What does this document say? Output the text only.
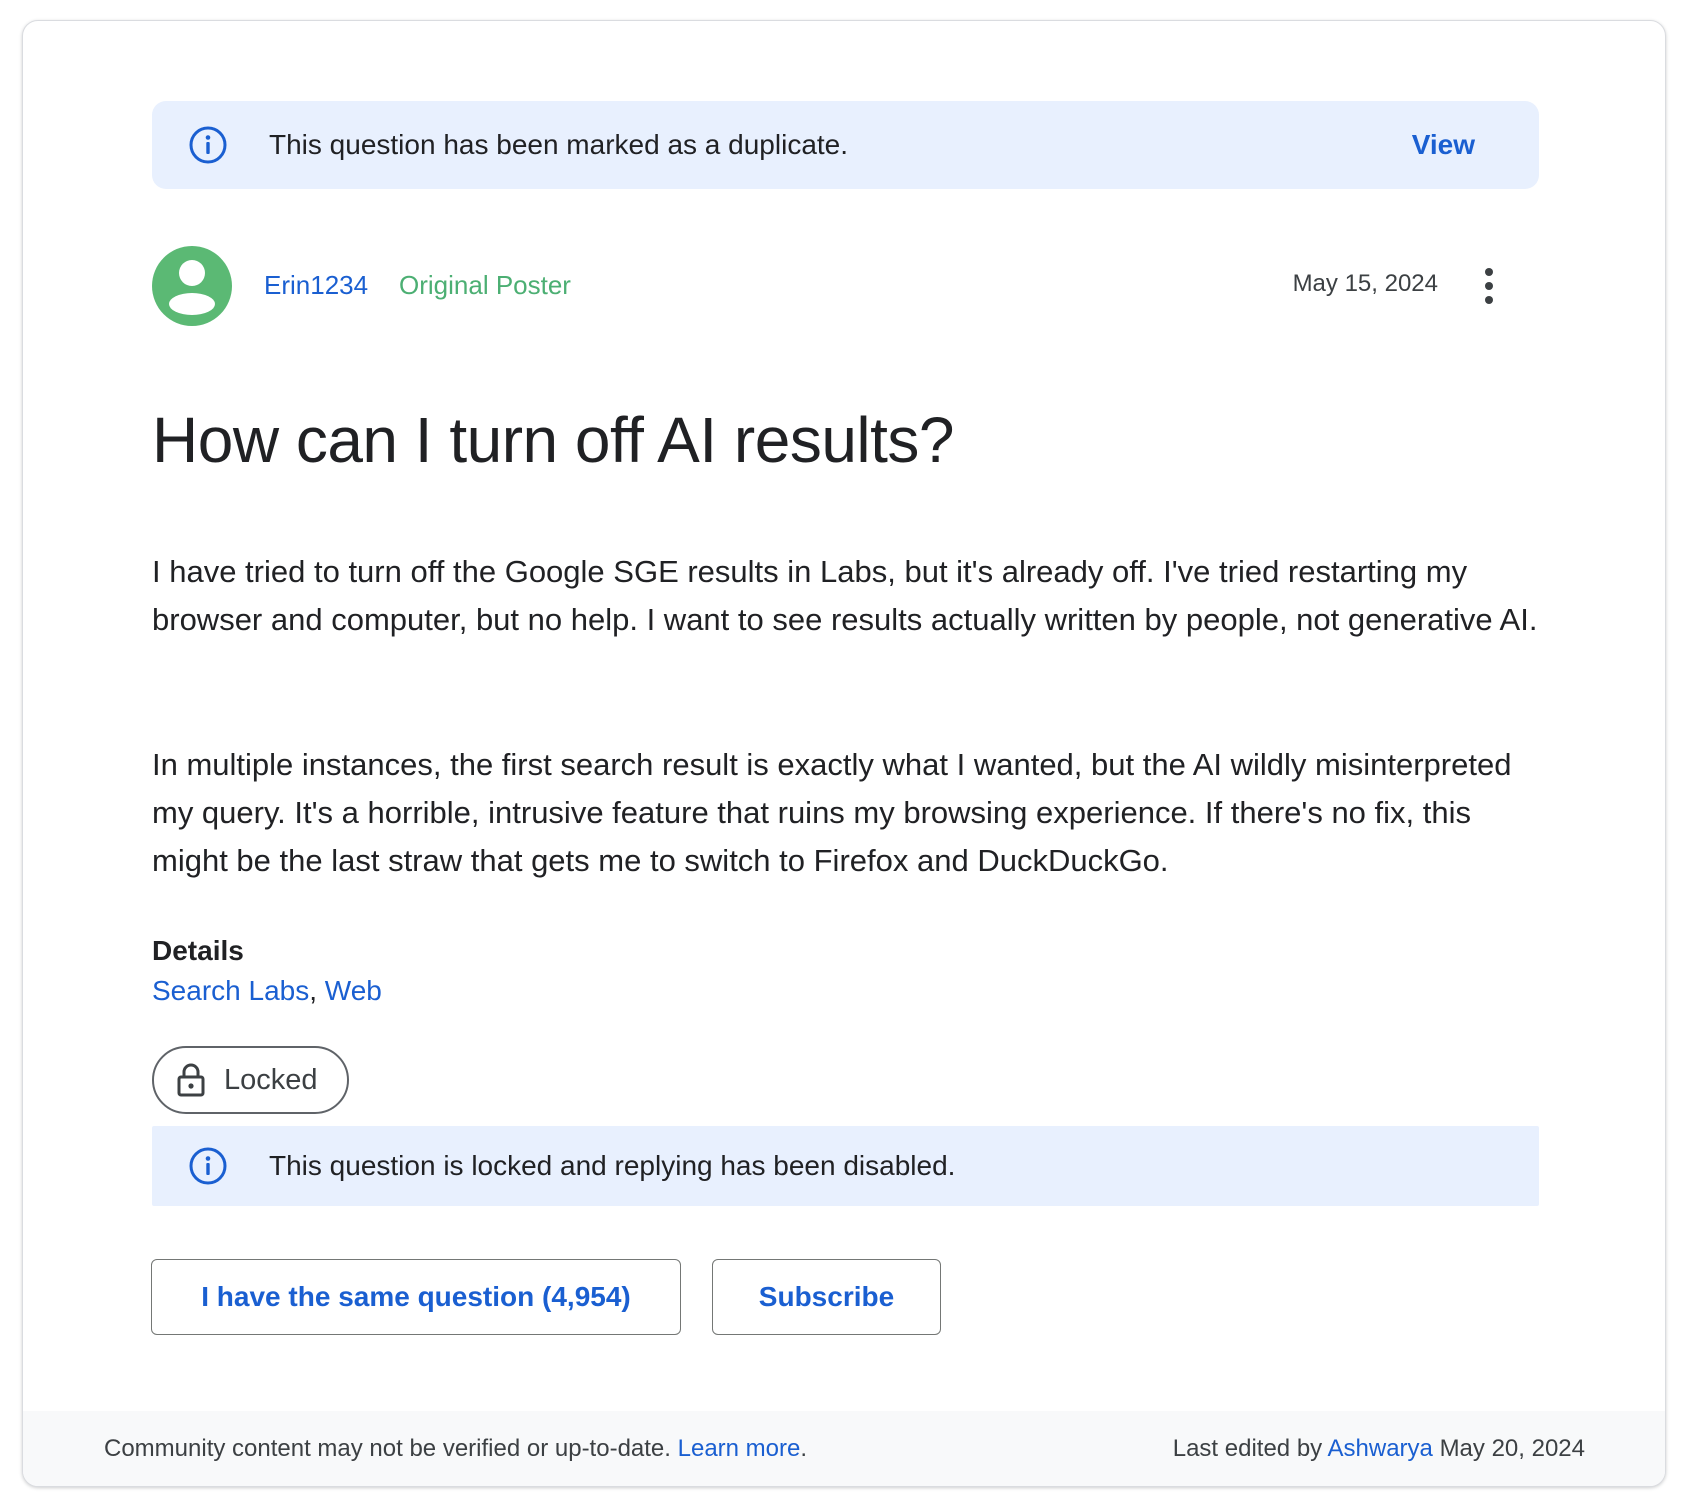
This question has been marked as a duplicate.	View
Erin1234 Original Poster	May 15, 2024
How can I turn off AI results?

I have tried to turn off the Google SGE results in Labs, but it's already off. I've tried restarting my browser and computer, but no help. I want to see results actually written by people, not generative AI.

In multiple instances, the first search result is exactly what I wanted, but the AI wildly misinterpreted my query. It's a horrible, intrusive feature that ruins my browsing experience. If there's no fix, this might be the last straw that gets me to switch to Firefox and DuckDuckGo.

Details
Search Labs, Web
Locked
This question is locked and replying has been disabled.
I have the same question (4,954)	Subscribe
Community content may not be verified or up-to-date. Learn more.	Last edited by Ashwarya May 20, 2024
